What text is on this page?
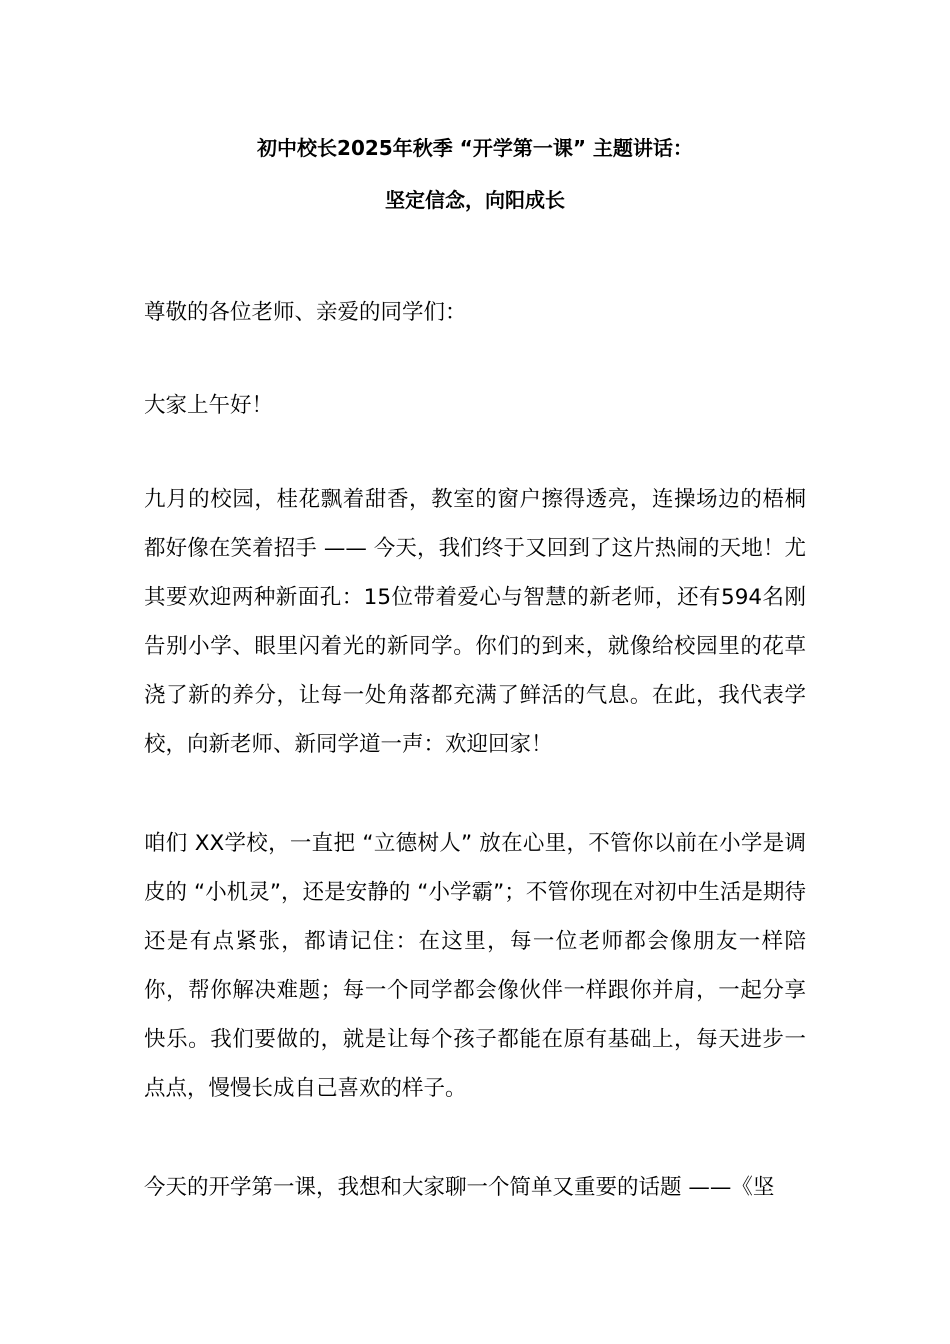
初中校长2025年秋季 “开学第一课” 主题讲话：
坚定信念，向阳成长

尊敬的各位老师、亲爱的同学们：

大家上午好！

九月的校园，桂花飘着甜香，教室的窗户擦得透亮，连操场边的梧桐都好像在笑着招手 —— 今天，我们终于又回到了这片热闹的天地！尤其要欢迎两种新面孔：15位带着爱心与智慧的新老师，还有594名刚告别小学、眼里闪着光的新同学。你们的到来，就像给校园里的花草浇了新的养分，让每一处角落都充满了鲜活的气息。在此，我代表学校，向新老师、新同学道一声：欢迎回家！

咱们 XX学校，一直把 “立德树人” 放在心里，不管你以前在小学是调皮的 “小机灵”，还是安静的 “小学霸”；不管你现在对初中生活是期待还是有点紧张，都请记住：在这里，每一位老师都会像朋友一样陪你，帮你解决难题；每一个同学都会像伙伴一样跟你并肩，一起分享快乐。我们要做的，就是让每个孩子都能在原有基础上，每天进步一点点，慢慢长成自己喜欢的样子。

今天的开学第一课，我想和大家聊一个简单又重要的话题 ——《坚
